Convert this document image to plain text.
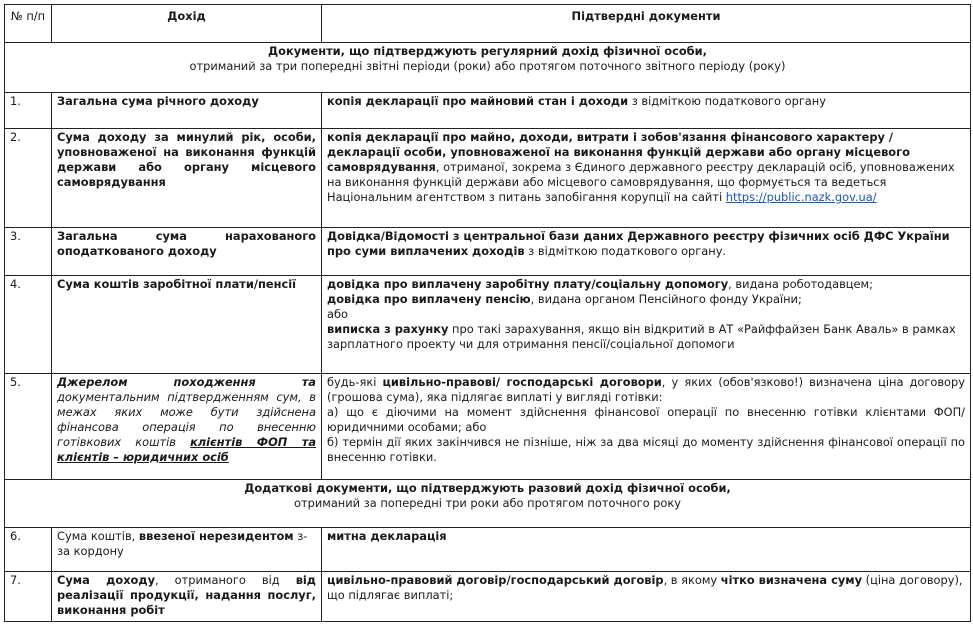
№ п/п	Дохід	Підтвердні документи

Документи, що підтверджують регулярний дохід фізичної особи,
отриманий за три попередні звітні періоди (роки) або протягом поточного звітного періоду (року)		

1.	Загальна сума річного доходу	копія декларації про майновий стан і доходи з відміткою податкового органу
2.	Сума доходу за минулий рік, особи, уповноваженої на виконання функцій держави або органу місцевого самоврядування	копія декларації про майно, доходи, витрати і зобов'язання фінансового характеру / декларації особи, уповноваженої на виконання функцій держави або органу місцевого самоврядування, отриманої, зокрема з Єдиного державного реєстру декларацій осіб, уповноважених на виконання функцій держави або місцевого самоврядування, що формується та ведеться Національним агентством з питань запобігання корупції на сайті https://public.nazk.gov.ua/
3.	Загальна сума нарахованого оподаткованого доходу	Довідка/Відомості з центральної бази даних Державного реєстру фізичних осіб ДФС України про суми виплачених доходів з відміткою податкового органу.
4.	Сума коштів заробітної плати/пенсії	довідка про виплачену заробітну плату/соціальну допомогу, видана роботодавцем;
довідка про виплачену пенсію, видана органом Пенсійного фонду України;
або
виписка з рахунку про такі зарахування, якщо він відкритий в АТ «Райффайзен Банк Аваль» в рамках зарплатного проекту чи для отримання пенсії/соціальної допомоги

5.	Джерелом походження та документальним підтвердженням сум, в межах яких може бути здійснена фінансова операція по внесенню готівкових коштів клієнтів ФОП та клієнтів – юридичних осіб	будь-які цивільно-правові/ господарські договори, у яких (обов'язково!) визначена ціна договору (грошова сума), яка підлягає виплаті у вигляді готівки:
а) що є діючими на момент здійснення фінансової операції по внесенню готівки клієнтами ФОП/юридичними особами; або
б) термін дії яких закінчився не пізніше, ніж за два місяці до моменту здійснення фінансової операції по внесенню готівки.

Додаткові документи, що підтверджують разовий дохід фізичної особи,
отриманий за попередні три роки або протягом поточного року		

6.	Сума коштів, ввезеної нерезидентом з-за кордону	митна декларація
7.	Сума доходу, отриманого від від реалізації продукції, надання послуг, виконання робіт	цивільно-правовий договір/господарський договір, в якому чітко визначена суму (ціна договору), що підлягає виплаті;
